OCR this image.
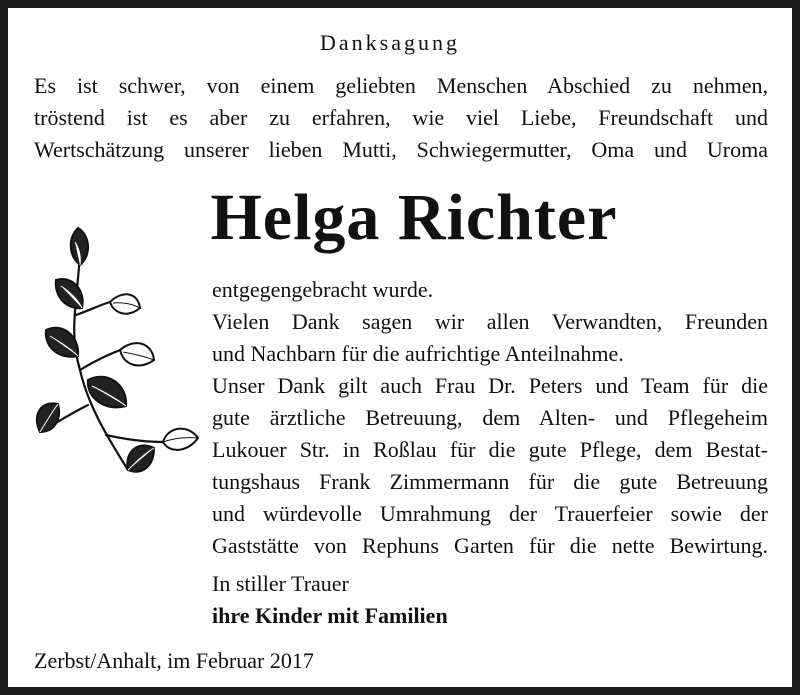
Danksagung
Es ist schwer, von einem geliebten Menschen Abschied zu nehmen,
tröstend ist es aber zu erfahren, wie viel Liebe, Freundschaft und
Wertschätzung unserer lieben Mutti, Schwiegermutter, Oma und Uroma
Helga Richter
entgegengebracht wurde.
Vielen Dank sagen wir allen Verwandten, Freunden
und Nachbarn für die aufrichtige Anteilnahme.
Unser Dank gilt auch Frau Dr. Peters und Team für die
gute ärztliche Betreuung, dem Alten- und Pflegeheim
Lukouer Str. in Roßlau für die gute Pflege, dem Bestat-
tungshaus Frank Zimmermann für die gute Betreuung
und würdevolle Umrahmung der Trauerfeier sowie der
Gaststätte von Rephuns Garten für die nette Bewirtung.
In stiller Trauer
ihre Kinder mit Familien
Zerbst/Anhalt, im Februar 2017
